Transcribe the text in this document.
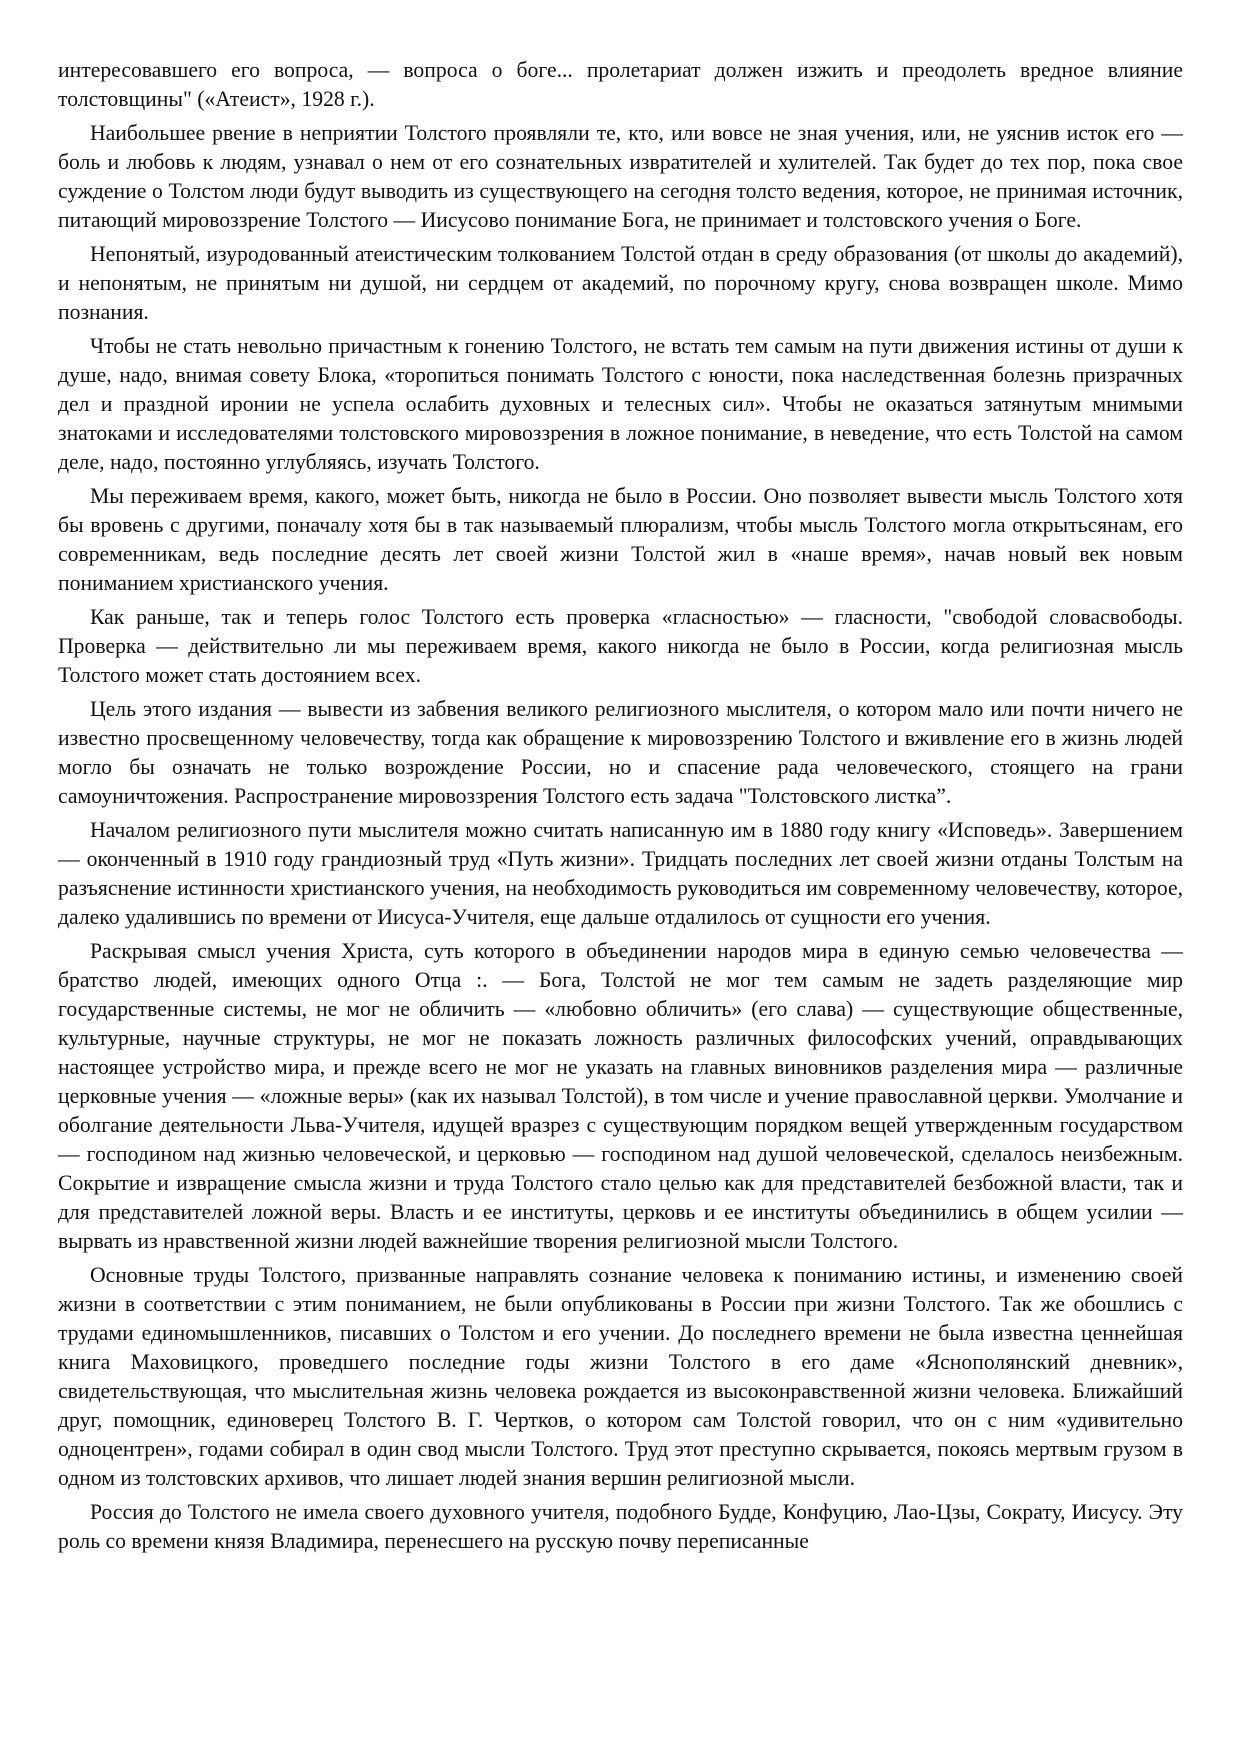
интересовавшего его вопроса, — вопроса о боге... пролетариат должен изжить и преодолеть вредное влияние толстовщины" («Атеист», 1928 г.).

Наибольшее рвение в неприятии Толстого проявляли те, кто, или вовсе не зная учения, или, не уяснив исток его — боль и любовь к людям, узнавал о нем от его сознательных извратителей и хулителей. Так будет до тех пор, пока свое суждение о Толстом люди будут выводить из существующего на сегодня толсто ведения, которое, не принимая источник, питающий мировоззрение Толстого — Иисусово понимание Бога, не принимает и толстовского учения о Боге.

Непонятый, изуродованный атеистическим толкованием Толстой отдан в среду образования (от школы до академий), и непонятым, не принятым ни душой, ни сердцем от академий, по порочному кругу, снова возвращен школе. Мимо познания.

Чтобы не стать невольно причастным к гонению Толстого, не встать тем самым на пути движения истины от души к душе, надо, внимая совету Блока, «торопиться понимать Толстого с юности, пока наследственная болезнь призрачных дел и праздной иронии не успела ослабить духовных и телесных сил». Чтобы не оказаться затянутым мнимыми знатоками и исследователями толстовского мировоззрения в ложное понимание, в неведение, что есть Толстой на самом деле, надо, постоянно углубляясь, изучать Толстого.

Мы переживаем время, какого, может быть, никогда не было в России. Оно позволяет вывести мысль Толстого хотя бы вровень с другими, поначалу хотя бы в так называемый плюрализм, чтобы мысль Толстого могла открытьсянам, его современникам, ведь последние десять лет своей жизни Толстой жил в «наше время», начав новый век новым пониманием христианского учения.

Как раньше, так и теперь голос Толстого есть проверка «гласностью» — гласности, "свободой словасвободы. Проверка — действительно ли мы переживаем время, какого никогда не было в России, когда религиозная мысль Толстого может стать достоянием всех.

Цель этого издания — вывести из забвения великого религиозного мыслителя, о котором мало или почти ничего не известно просвещенному человечеству, тогда как обращение к мировоззрению Толстого и вживление его в жизнь людей могло бы означать не только возрождение России, но и спасение рада человеческого, стоящего на грани самоуничтожения. Распространение мировоззрения Толстого есть задача "Толстовского листка”.

Началом религиозного пути мыслителя можно считать написанную им в 1880 году книгу «Исповедь». Завершением — оконченный в 1910 году грандиозный труд «Путь жизни». Тридцать последних лет своей жизни отданы Толстым на разъяснение истинности христианского учения, на необходимость руководиться им современному человечеству, которое, далеко удалившись по времени от Иисуса-Учителя, еще дальше отдалилось от сущности его учения.

Раскрывая смысл учения Христа, суть которого в объединении народов мира в единую семью человечества — братство людей, имеющих одного Отца :. — Бога, Толстой не мог тем самым не задеть разделяющие мир государственные системы, не мог не обличить — «любовно обличить» (его слава) — существующие общественные, культурные, научные структуры, не мог не показать ложность различных философских учений, оправдывающих настоящее устройство мира, и прежде всего не мог не указать на главных виновников разделения мира — различные церковные учения — «ложные веры» (как их называл Толстой), в том числе и учение православной церкви. Умолчание и оболгание деятельности Льва-Учителя, идущей вразрез с существующим порядком вещей утвержденным государством — господином над жизнью человеческой, и церковью — господином над душой человеческой, сделалось неизбежным. Сокрытие и извращение смысла жизни и труда Толстого стало целью как для представителей безбожной власти, так и для представителей ложной веры. Власть и ее институты, церковь и ее институты объединились в общем усилии — вырвать из нравственной жизни людей важнейшие творения религиозной мысли Толстого.

Основные труды Толстого, призванные направлять сознание человека к пониманию истины, и изменению своей жизни в соответствии с этим пониманием, не были опубликованы в России при жизни Толстого. Так же обошлись с трудами единомышленников, писавших о Толстом и его учении. До последнего времени не была известна ценнейшая книга Маховицкого, проведшего последние годы жизни Толстого в его даме «Яснополянский дневник», свидетельствующая, что мыслительная жизнь человека рождается из высоконравственной жизни человека. Ближайший друг, помощник, единоверец Толстого В. Г. Чертков, о котором сам Толстой говорил, что он с ним «удивительно одноцентрен», годами собирал в один свод мысли Толстого. Труд этот преступно скрывается, покоясь мертвым грузом в одном из толстовских архивов, что лишает людей знания вершин религиозной мысли.

Россия до Толстого не имела своего духовного учителя, подобного Будде, Конфуцию, Лао-Цзы, Сократу, Иисусу. Эту роль со времени князя Владимира, перенесшего на русскую почву переписанные
